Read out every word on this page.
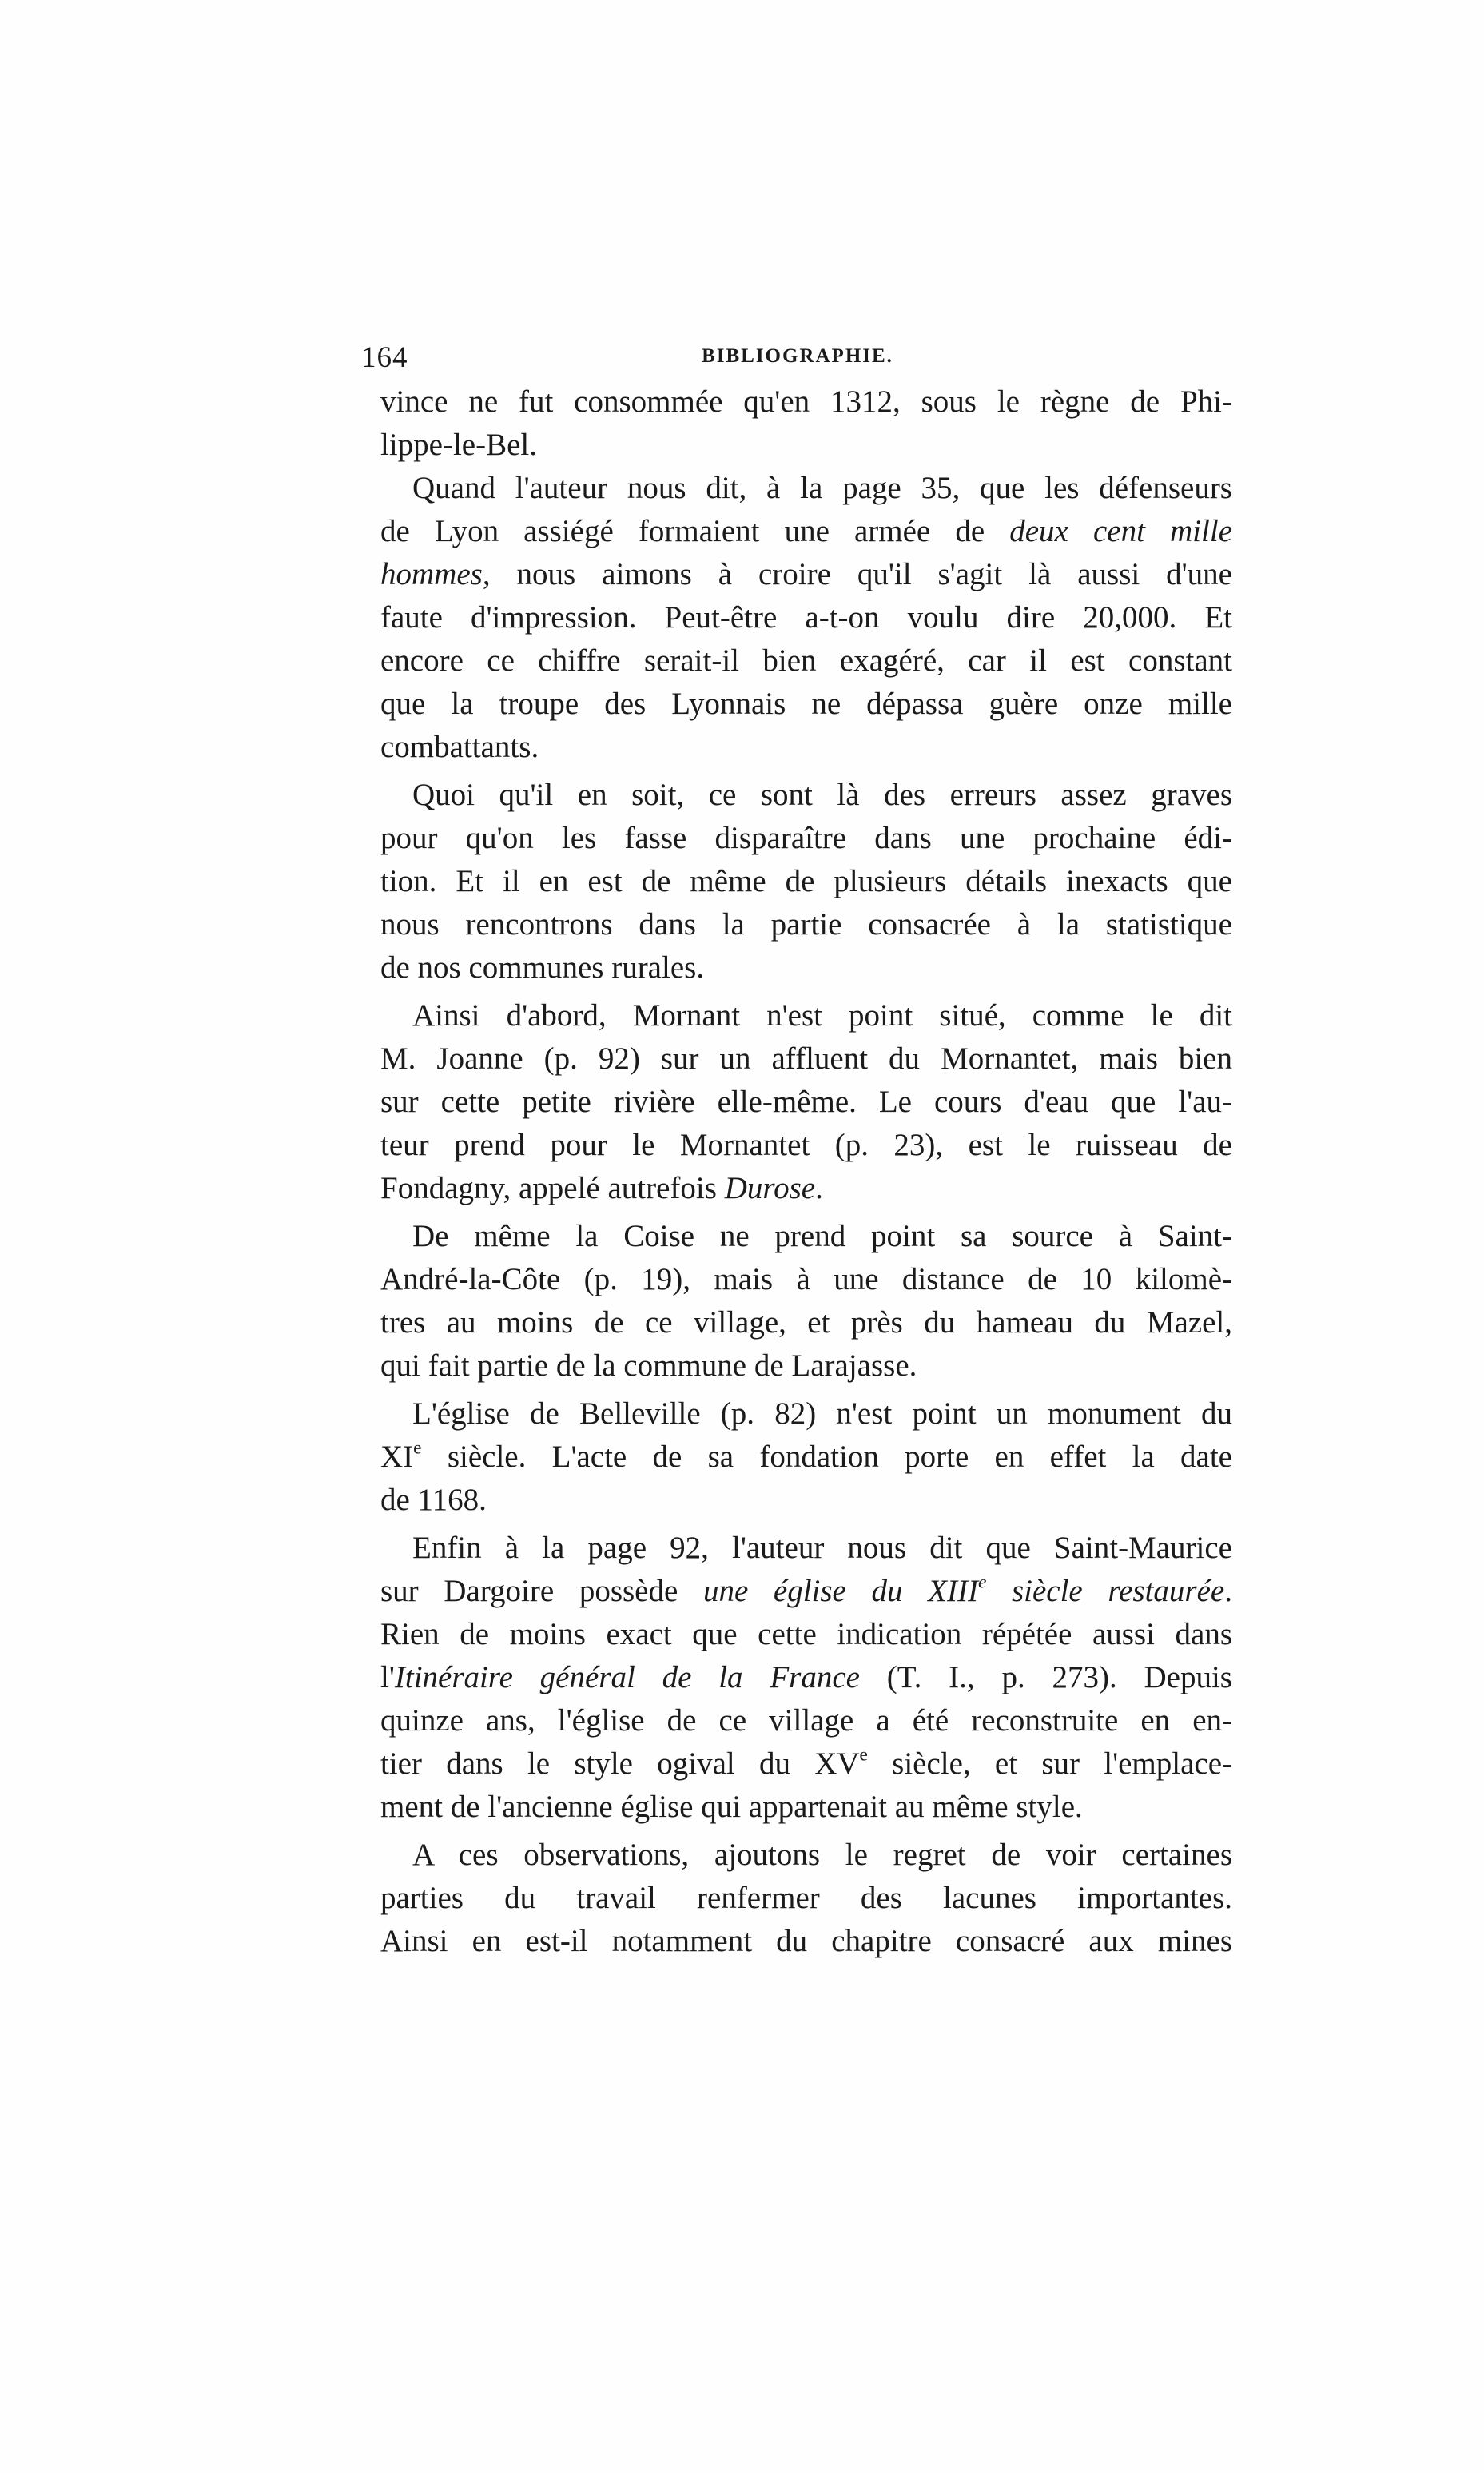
164	BIBLIOGRAPHIE.
vince ne fut consommée qu'en 1312, sous le règne de Phi-
lippe-le-Bel.
Quand l'auteur nous dit, à la page 35, que les défenseurs
de Lyon assiégé formaient une armée de deux cent mille
hommes, nous aimons à croire qu'il s'agit là aussi d'une
faute d'impression. Peut-être a-t-on voulu dire 20,000. Et
encore ce chiffre serait-il bien exagéré, car il est constant
que la troupe des Lyonnais ne dépassa guère onze mille
combattants.
Quoi qu'il en soit, ce sont là des erreurs assez graves
pour qu'on les fasse disparaître dans une prochaine édi-
tion. Et il en est de même de plusieurs détails inexacts que
nous rencontrons dans la partie consacrée à la statistique
de nos communes rurales.
Ainsi d'abord, Mornant n'est point situé, comme le dit
M. Joanne (p. 92) sur un affluent du Mornantet, mais bien
sur cette petite rivière elle-même. Le cours d'eau que l'au-
teur prend pour le Mornantet (p. 23), est le ruisseau de
Fondagny, appelé autrefois Durose.
De même la Coise ne prend point sa source à Saint-
André-la-Côte (p. 19), mais à une distance de 10 kilomè-
tres au moins de ce village, et près du hameau du Mazel,
qui fait partie de la commune de Larajasse.
L'église de Belleville (p. 82) n'est point un monument du
XIe siècle. L'acte de sa fondation porte en effet la date
de 1168.
Enfin à la page 92, l'auteur nous dit que Saint-Maurice
sur Dargoire possède une église du XIIIe siècle restaurée.
Rien de moins exact que cette indication répétée aussi dans
l'Itinéraire général de la France (T. I., p. 273). Depuis
quinze ans, l'église de ce village a été reconstruite en en-
tier dans le style ogival du XVe siècle, et sur l'emplace-
ment de l'ancienne église qui appartenait au même style.
A ces observations, ajoutons le regret de voir certaines
parties du travail renfermer des lacunes importantes.
Ainsi en est-il notamment du chapitre consacré aux mines
